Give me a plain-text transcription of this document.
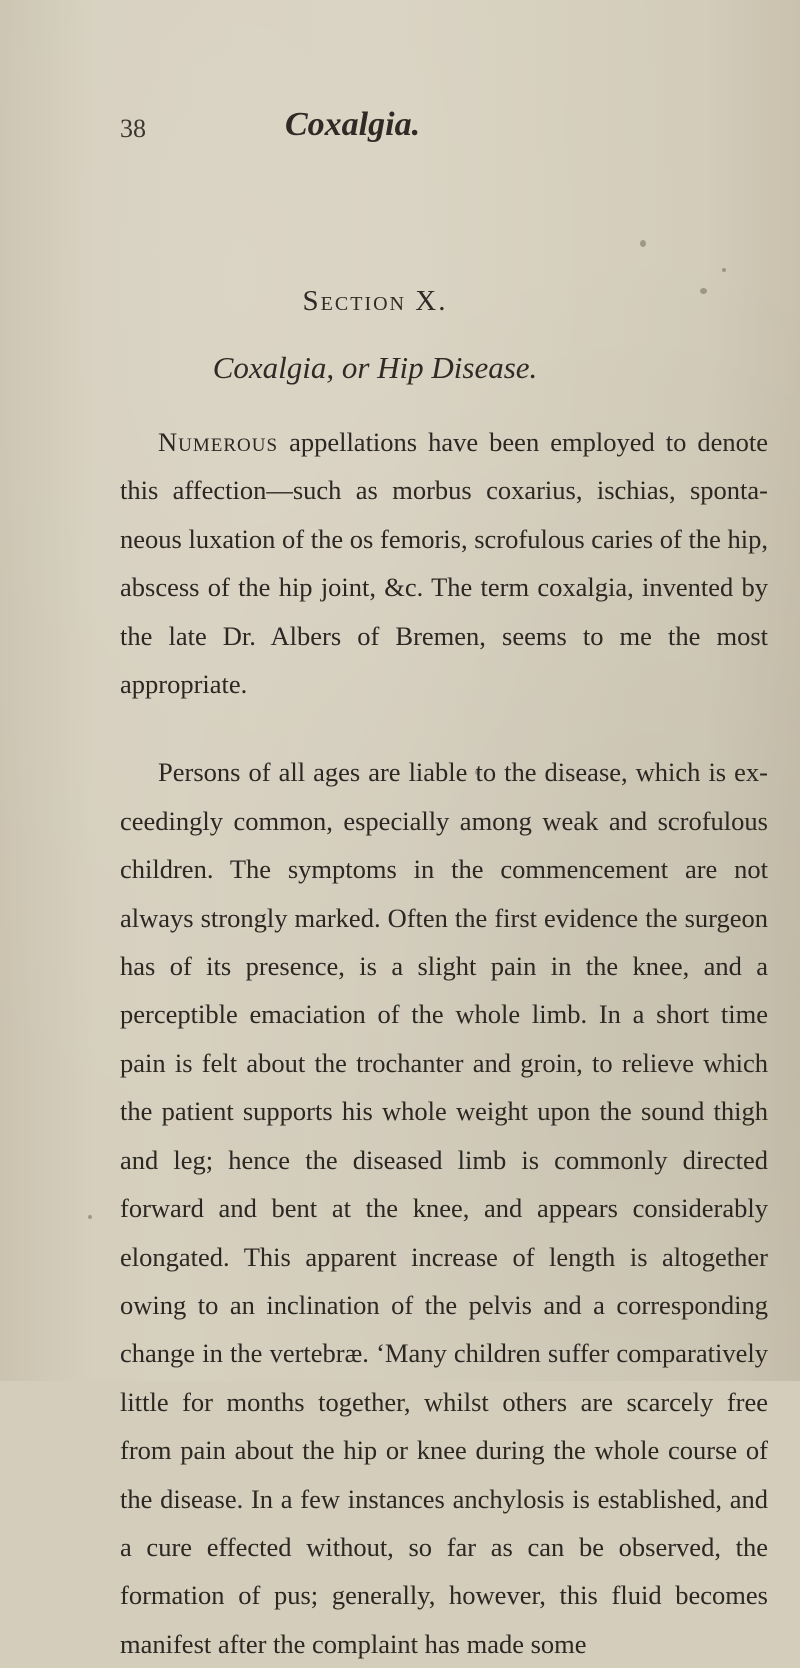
38	Coxalgia.
Section X.
Coxalgia, or Hip Disease.

Numerous appellations have been employed to denote this affection—such as morbus coxarius, ischias, spontaneous luxation of the os femoris, scrofulous caries of the hip, abscess of the hip joint, &c. The term coxalgia, invented by the late Dr. Albers of Bremen, seems to me the most appropriate.

Persons of all ages are liable to the disease, which is exceedingly common, especially among weak and scrofulous children. The symptoms in the commencement are not always strongly marked. Often the first evidence the surgeon has of its presence, is a slight pain in the knee, and a perceptible emaciation of the whole limb. In a short time pain is felt about the trochanter and groin, to relieve which the patient supports his whole weight upon the sound thigh and leg; hence the diseased limb is commonly directed forward and bent at the knee, and appears considerably elongated. This apparent increase of length is altogether owing to an inclination of the pelvis and a corresponding change in the vertebræ. ‘Many children suffer comparatively little for months together, whilst others are scarcely free from pain about the hip or knee during the whole course of the disease. In a few instances anchylosis is established, and a cure effected without, so far as can be observed, the formation of pus; generally, however, this fluid becomes manifest after the complaint has made some
